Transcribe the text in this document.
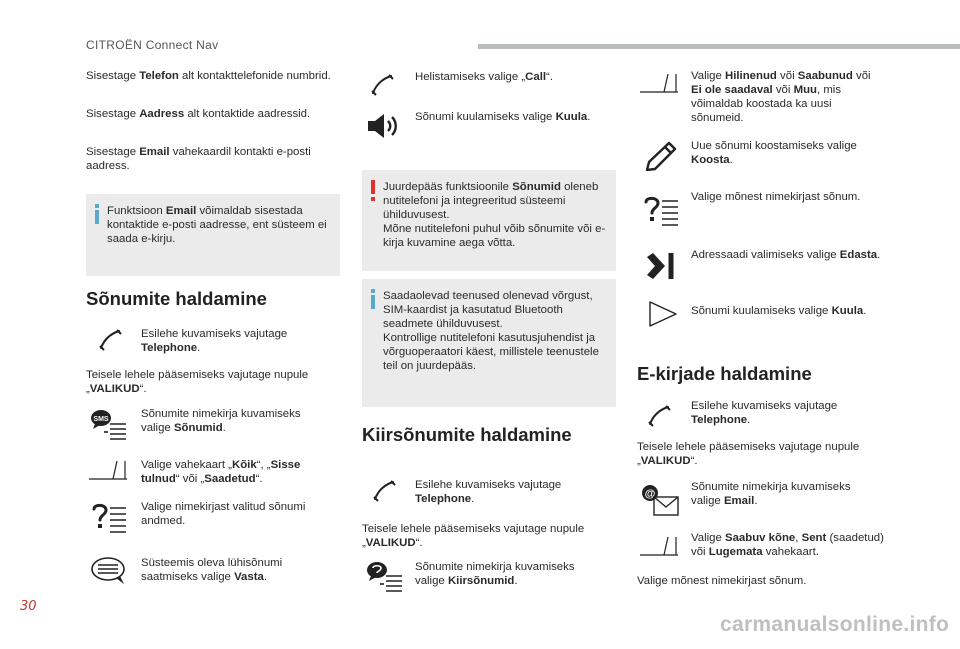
CITROËN Connect Nav

Sisestage Telefon alt kontakttelefonide numbrid.

Sisestage Aadress alt kontaktide aadressid.

Sisestage Email vahekaardil kontakti e-posti aadress.

Funktsioon Email võimaldab sisestada kontaktide e-posti aadresse, ent süsteem ei saada e-kirju.

Sõnumite haldamine

Esilehe kuvamiseks vajutage Telephone.

Teisele lehele pääsemiseks vajutage nupule „VALIKUD“.

SMS	Sõnumite nimekirja kuvamiseks valige Sõnumid.

Valige vahekaart „Kõik“, „Sisse tulnud“ või „Saadetud“.

Valige nimekirjast valitud sõnumi andmed.

Süsteemis oleva lühisõnumi saatmiseks valige Vasta.

Helistamiseks valige „Call“.

Sõnumi kuulamiseks valige Kuula.

Juurdepääs funktsioonile Sõnumid oleneb nutitelefoni ja integreeritud süsteemi ühilduvusest.

Mõne nutitelefoni puhul võib sõnumite või e-kirja kuvamine aega võtta.

Saadaolevad teenused olenevad võrgust, SIM-kaardist ja kasutatud Bluetooth seadmete ühilduvusest.

Kontrollige nutitelefoni kasutusjuhendist ja võrguoperaatori käest, millistele teenustele teil on juurdepääs.

Kiirsõnumite haldamine

Esilehe kuvamiseks vajutage Telephone.

Teisele lehele pääsemiseks vajutage nupule „VALIKUD“.

Sõnumite nimekirja kuvamiseks valige Kiirsõnumid.

Valige Hilinenud või Saabunud või Ei ole saadaval või Muu, mis võimaldab koostada ka uusi sõnumeid.

Uue sõnumi koostamiseks valige Koosta.

Valige mõnest nimekirjast sõnum.

Adressaadi valimiseks valige Edasta.

Sõnumi kuulamiseks valige Kuula.

E-kirjade haldamine

Esilehe kuvamiseks vajutage Telephone.

Teisele lehele pääsemiseks vajutage nupule „VALIKUD“.

@

Sõnumite nimekirja kuvamiseks valige Email.

Valige Saabuv kõne, Sent (saadetud) või Lugemata vahekaart.

Valige mõnest nimekirjast sõnum.

30
carmanualsonline.info
